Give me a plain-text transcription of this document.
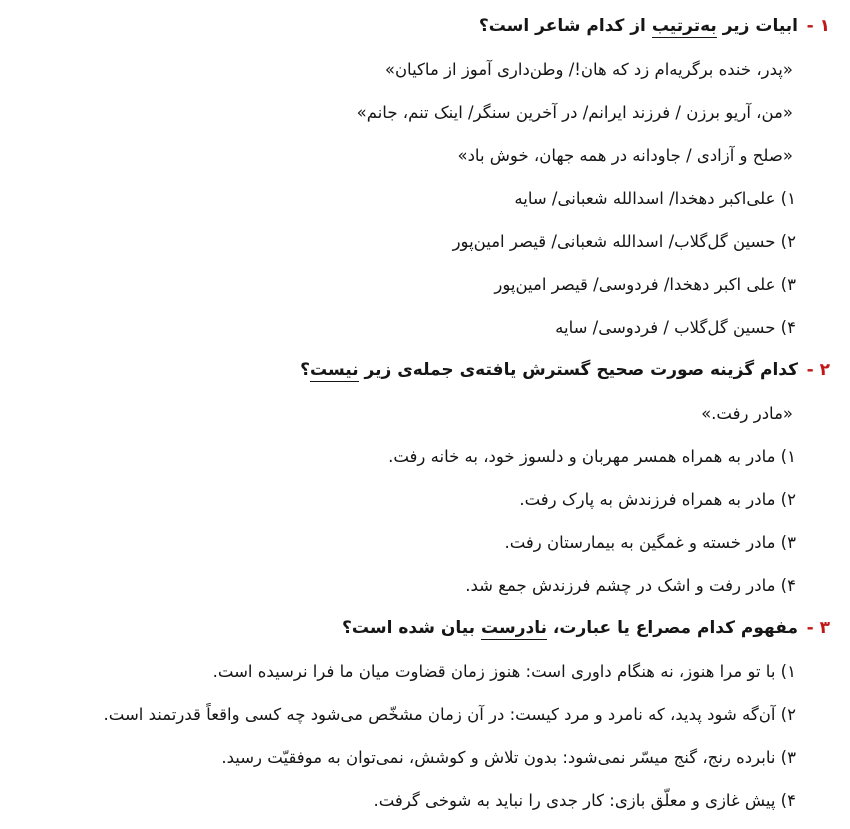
۱ -
ابیات زیر به‌ترتیب از کدام شاعر است؟
«پدر، خنده برگریه‌ام زد که هان!/ وطن‌داری آموز از ماکیان»
«من، آریو برزن / فرزند ایرانم/ در آخرین سنگر/ اینک تنم، جانم»
«صلح و آزادی / جاودانه در همه جهان، خوش باد»
۱) علی‌اکبر دهخدا/ اسدالله شعبانی/ سایه
۲) حسین گل‌گلاب/ اسدالله شعبانی/ قیصر امین‌پور
۳) علی اکبر دهخدا/ فردوسی/ قیصر امین‌پور
۴) حسین گل‌گلاب / فردوسی/ سایه
۲ -
کدام گزینه صورت صحیح گسترش یافته‌ی جمله‌ی زیر نیست؟
«مادر رفت.»
۱) مادر به همراه همسر مهربان و دلسوز خود، به خانه رفت.
۲) مادر به همراه فرزندش به پارک رفت.
۳) مادر خسته و غمگین به بیمارستان رفت.
۴) مادر رفت و اشک در چشم فرزندش جمع شد.
۳ -
مفهوم کدام مصراع یا عبارت، نادرست بیان شده است؟
۱) با تو مرا هنوز، نه هنگام داوری است: هنوز زمان قضاوت میان ما فرا نرسیده است.
۲) آن‌گه شود پدید، که نامرد و مرد کیست: در آن زمان مشخّص می‌شود چه کسی واقعاً قدرتمند است.
۳) نابرده رنج، گنج میسّر نمی‌شود: بدون تلاش و کوشش، نمی‌توان به موفقیّت رسید.
۴) پیش غازی و معلّق بازی: کار جدی را نباید به شوخی گرفت.
